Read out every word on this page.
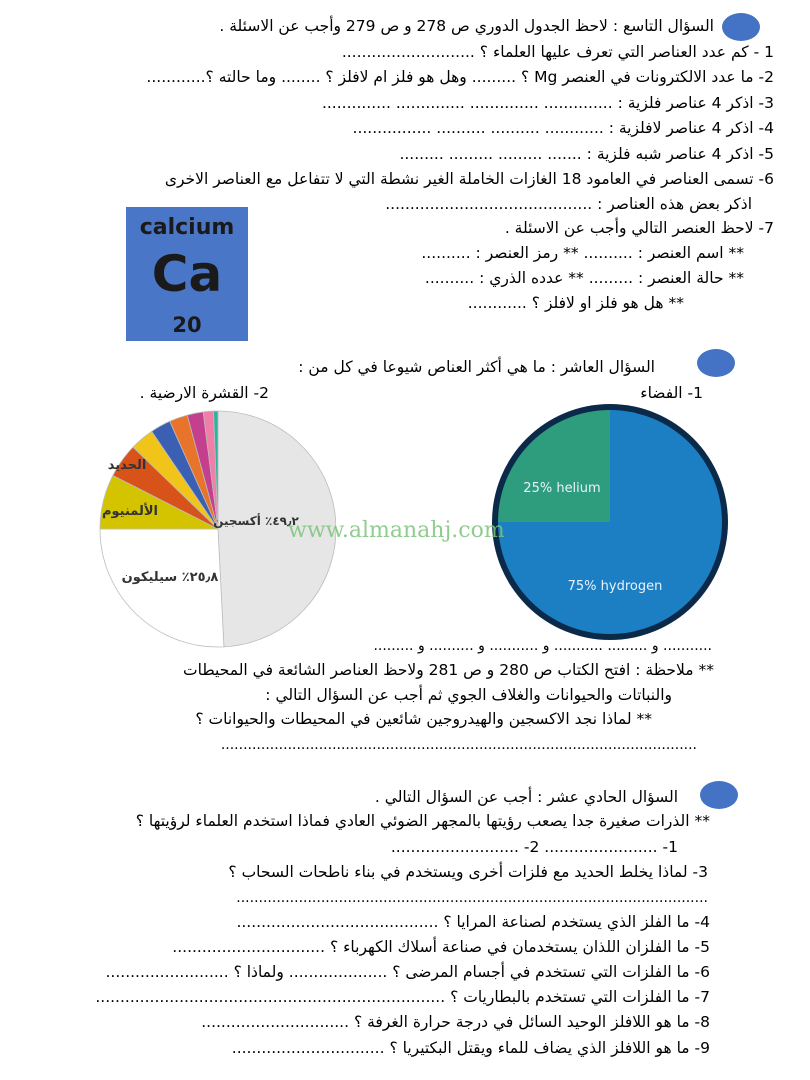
السؤال التاسع : لاحظ الجدول الدوري ص 278 و ص 279 وأجب عن الاسئلة .
1 - كم عدد العناصر التي تعرف عليها العلماء ؟ ...........................
2- ما عدد الالكترونات في العنصر Mg ؟ ......... وهل هو فلز ام لافلز ؟ ........ وما حالته ؟............
3- اذكر 4 عناصر فلزية : .............. .............. .............. ..............
4- اذكر 4 عناصر لافلزية : ............ .......... .......... ................
5- اذكر 4 عناصر شبه فلزية : ....... ......... ......... .........
6- تسمى العناصر في العامود 18 الغازات الخاملة الغير نشطة التي لا تتفاعل مع العناصر الاخرى
اذكر بعض هذه العناصر : ..........................................
7- لاحظ العنصر التالي وأجب عن الاسئلة .
** اسم العنصر : .......... ** رمز العنصر : ..........
** حالة العنصر : ......... ** عدده الذري : ..........
** هل هو فلز او لافلز ؟ ............
calcium
Ca
20
السؤال العاشر : ما هي أكثر العناص شيوعا في كل من :
2- القشرة الارضية .	1- الفضاء
٤٩٫٢٪ أكسجين
٢٥٫٨٪ سيليكون
الألمنيوم
الحديد
75% hydrogen
25% helium
www.almanahj.com
........... و ......... ........... و ........... و .......... و .........
** ملاحظة : افتح الكتاب ص 280 و ص 281 ولاحظ العناصر الشائعة في المحيطات
والنباتات والحيوانات والغلاف الجوي ثم أجب عن السؤال التالي :
** لماذا نجد الاكسجين والهيدروجين شائعين في المحيطات والحيوانات ؟
...........................................................................................................
السؤال الحادي عشر : أجب عن السؤال التالي .
** الذرات صغيرة جدا يصعب رؤيتها بالمجهر الضوئي العادي فماذا استخدم العلماء لرؤيتها ؟
1- ....................... 2- ..........................
3- لماذا يخلط الحديد مع فلزات أخرى ويستخدم في بناء ناطحات السحاب ؟
..........................................................................................................
4- ما الفلز الذي يستخدم لصناعة المرايا ؟ .........................................
5- ما الفلزان اللذان يستخدمان في صناعة أسلاك الكهرباء ؟ ...............................
6- ما الفلزات التي تستخدم في أجسام المرضى ؟ .................... ولماذا ؟ .........................
7- ما الفلزات التي تستخدم بالبطاريات ؟ .......................................................................
8- ما هو اللافلز الوحيد السائل في درجة حرارة الغرفة ؟ ..............................
9- ما هو اللافلز الذي يضاف للماء ويقتل البكتيريا ؟ ...............................
